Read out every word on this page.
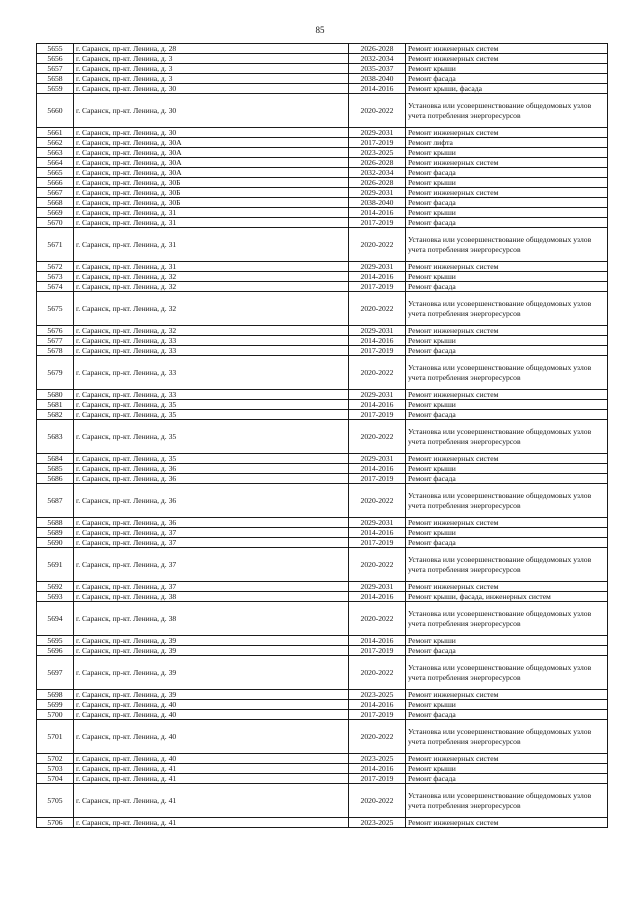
85
5655	г. Саранск, пр-кт. Ленина, д. 28	2026-2028	Ремонт инженерных систем
5656	г. Саранск, пр-кт. Ленина, д. 3	2032-2034	Ремонт инженерных систем
5657	г. Саранск, пр-кт. Ленина, д. 3	2035-2037	Ремонт крыши
5658	г. Саранск, пр-кт. Ленина, д. 3	2038-2040	Ремонт фасада
5659	г. Саранск, пр-кт. Ленина, д. 30	2014-2016	Ремонт крыши, фасада
5660	г. Саранск, пр-кт. Ленина, д. 30	2020-2022	Установка или усовершенствование общедомовых узлов учета потребления энергоресурсов
5661	г. Саранск, пр-кт. Ленина, д. 30	2029-2031	Ремонт инженерных систем
5662	г. Саранск, пр-кт. Ленина, д. 30А	2017-2019	Ремонт лифта
5663	г. Саранск, пр-кт. Ленина, д. 30А	2023-2025	Ремонт крыши
5664	г. Саранск, пр-кт. Ленина, д. 30А	2026-2028	Ремонт инженерных систем
5665	г. Саранск, пр-кт. Ленина, д. 30А	2032-2034	Ремонт фасада
5666	г. Саранск, пр-кт. Ленина, д. 30Б	2026-2028	Ремонт крыши
5667	г. Саранск, пр-кт. Ленина, д. 30Б	2029-2031	Ремонт инженерных систем
5668	г. Саранск, пр-кт. Ленина, д. 30Б	2038-2040	Ремонт фасада
5669	г. Саранск, пр-кт. Ленина, д. 31	2014-2016	Ремонт крыши
5670	г. Саранск, пр-кт. Ленина, д. 31	2017-2019	Ремонт фасада
5671	г. Саранск, пр-кт. Ленина, д. 31	2020-2022	Установка или усовершенствование общедомовых узлов учета потребления энергоресурсов
5672	г. Саранск, пр-кт. Ленина, д. 31	2029-2031	Ремонт инженерных систем
5673	г. Саранск, пр-кт. Ленина, д. 32	2014-2016	Ремонт крыши
5674	г. Саранск, пр-кт. Ленина, д. 32	2017-2019	Ремонт фасада
5675	г. Саранск, пр-кт. Ленина, д. 32	2020-2022	Установка или усовершенствование общедомовых узлов учета потребления энергоресурсов
5676	г. Саранск, пр-кт. Ленина, д. 32	2029-2031	Ремонт инженерных систем
5677	г. Саранск, пр-кт. Ленина, д. 33	2014-2016	Ремонт крыши
5678	г. Саранск, пр-кт. Ленина, д. 33	2017-2019	Ремонт фасада
5679	г. Саранск, пр-кт. Ленина, д. 33	2020-2022	Установка или усовершенствование общедомовых узлов учета потребления энергоресурсов
5680	г. Саранск, пр-кт. Ленина, д. 33	2029-2031	Ремонт инженерных систем
5681	г. Саранск, пр-кт. Ленина, д. 35	2014-2016	Ремонт крыши
5682	г. Саранск, пр-кт. Ленина, д. 35	2017-2019	Ремонт фасада
5683	г. Саранск, пр-кт. Ленина, д. 35	2020-2022	Установка или усовершенствование общедомовых узлов учета потребления энергоресурсов
5684	г. Саранск, пр-кт. Ленина, д. 35	2029-2031	Ремонт инженерных систем
5685	г. Саранск, пр-кт. Ленина, д. 36	2014-2016	Ремонт крыши
5686	г. Саранск, пр-кт. Ленина, д. 36	2017-2019	Ремонт фасада
5687	г. Саранск, пр-кт. Ленина, д. 36	2020-2022	Установка или усовершенствование общедомовых узлов учета потребления энергоресурсов
5688	г. Саранск, пр-кт. Ленина, д. 36	2029-2031	Ремонт инженерных систем
5689	г. Саранск, пр-кт. Ленина, д. 37	2014-2016	Ремонт крыши
5690	г. Саранск, пр-кт. Ленина, д. 37	2017-2019	Ремонт фасада
5691	г. Саранск, пр-кт. Ленина, д. 37	2020-2022	Установка или усовершенствование общедомовых узлов учета потребления энергоресурсов
5692	г. Саранск, пр-кт. Ленина, д. 37	2029-2031	Ремонт инженерных систем
5693	г. Саранск, пр-кт. Ленина, д. 38	2014-2016	Ремонт крыши, фасада, инженерных систем
5694	г. Саранск, пр-кт. Ленина, д. 38	2020-2022	Установка или усовершенствование общедомовых узлов учета потребления энергоресурсов
5695	г. Саранск, пр-кт. Ленина, д. 39	2014-2016	Ремонт крыши
5696	г. Саранск, пр-кт. Ленина, д. 39	2017-2019	Ремонт фасада
5697	г. Саранск, пр-кт. Ленина, д. 39	2020-2022	Установка или усовершенствование общедомовых узлов учета потребления энергоресурсов
5698	г. Саранск, пр-кт. Ленина, д. 39	2023-2025	Ремонт инженерных систем
5699	г. Саранск, пр-кт. Ленина, д. 40	2014-2016	Ремонт крыши
5700	г. Саранск, пр-кт. Ленина, д. 40	2017-2019	Ремонт фасада
5701	г. Саранск, пр-кт. Ленина, д. 40	2020-2022	Установка или усовершенствование общедомовых узлов учета потребления энергоресурсов
5702	г. Саранск, пр-кт. Ленина, д. 40	2023-2025	Ремонт инженерных систем
5703	г. Саранск, пр-кт. Ленина, д. 41	2014-2016	Ремонт крыши
5704	г. Саранск, пр-кт. Ленина, д. 41	2017-2019	Ремонт фасада
5705	г. Саранск, пр-кт. Ленина, д. 41	2020-2022	Установка или усовершенствование общедомовых узлов учета потребления энергоресурсов
5706	г. Саранск, пр-кт. Ленина, д. 41	2023-2025	Ремонт инженерных систем
